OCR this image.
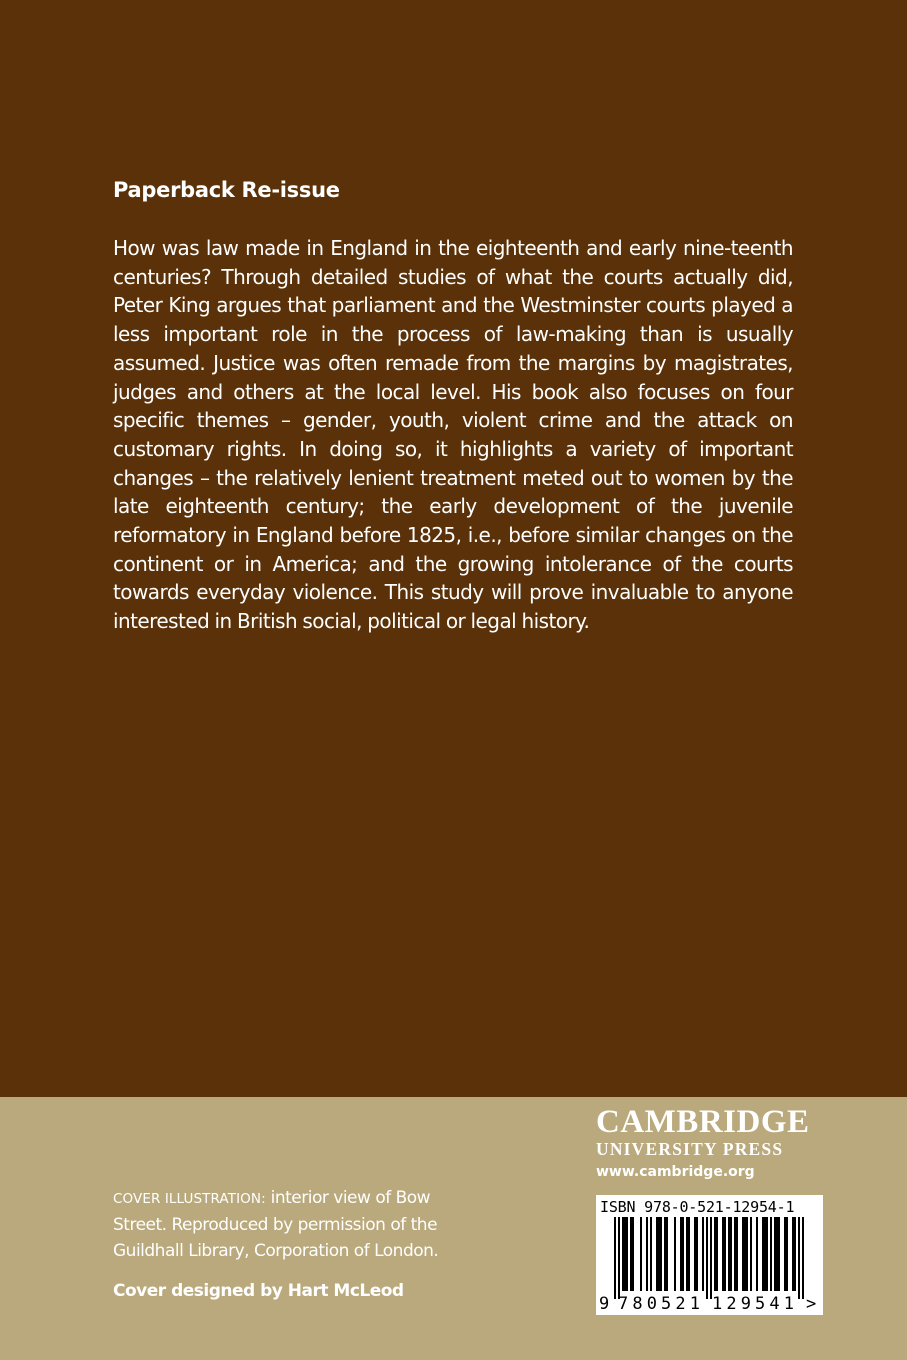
Paperback Re-issue

How was law made in England in the eighteenth and early nine-teenth centuries? Through detailed studies of what the courts actually did, Peter King argues that parliament and the Westminster courts played a less important role in the process of law-making than is usually assumed. Justice was often remade from the margins by magistrates, judges and others at the local level. His book also focuses on four specific themes – gender, youth, violent crime and the attack on customary rights. In doing so, it highlights a variety of important changes – the relatively lenient treatment meted out to women by the late eighteenth century; the early development of the juvenile reformatory in England before 1825, i.e., before similar changes on the continent or in America; and the growing intolerance of the courts towards everyday violence. This study will prove invaluable to anyone interested in British social, political or legal history.

COVER ILLUSTRATION: interior view of Bow Street. Reproduced by permission of the Guildhall Library, Corporation of London.

Cover designed by Hart McLeod

CAMBRIDGE
UNIVERSITY PRESS
www.cambridge.org
ISBN 978-0-521-12954-1
9 780521 129541 >
